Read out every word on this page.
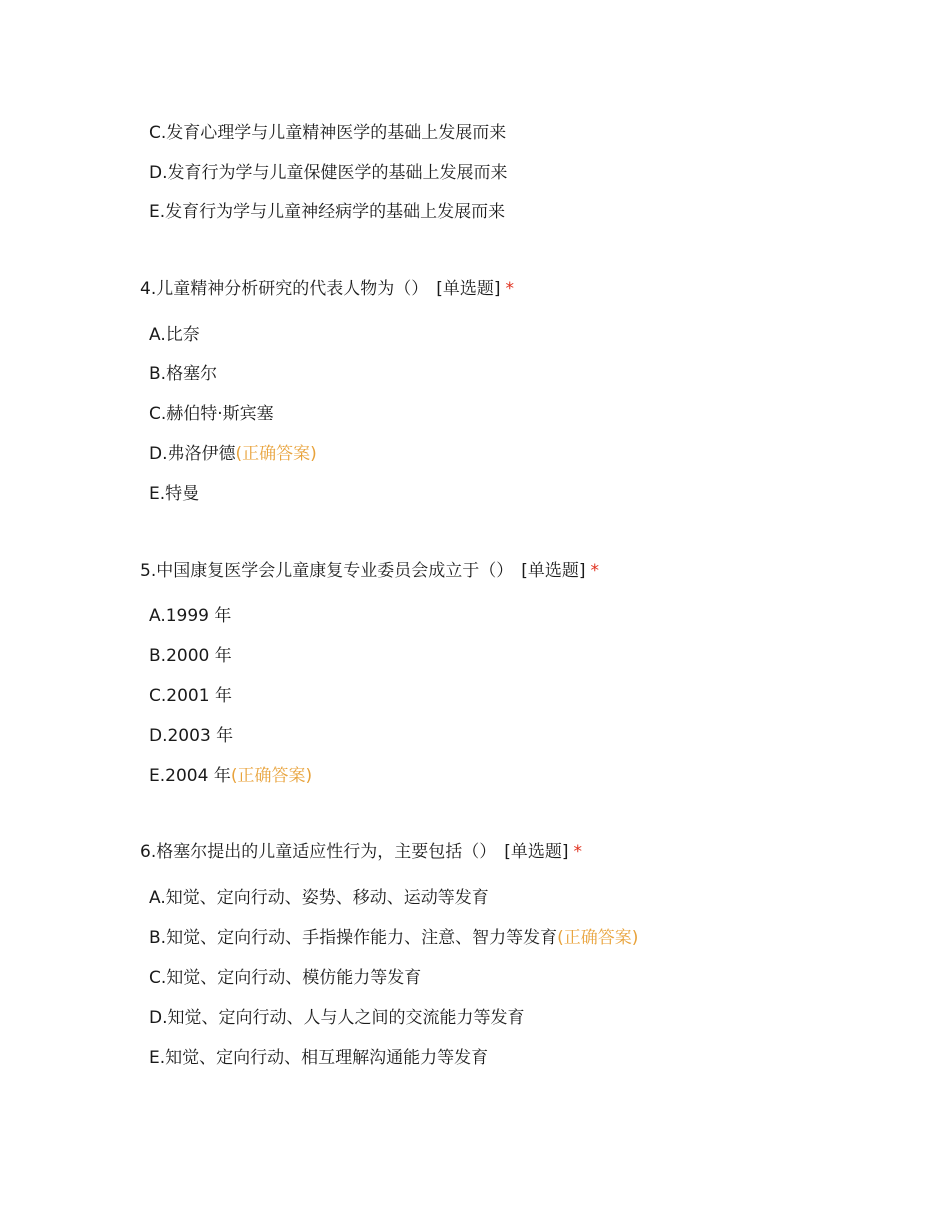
C.发育心理学与儿童精神医学的基础上发展而来
D.发育行为学与儿童保健医学的基础上发展而来
E.发育行为学与儿童神经病学的基础上发展而来
4.儿童精神分析研究的代表人物为（） [单选题] *
A.比奈
B.格塞尔
C.赫伯特·斯宾塞
D.弗洛伊德(正确答案)
E.特曼
5.中国康复医学会儿童康复专业委员会成立于（） [单选题] *
A.1999 年
B.2000 年
C.2001 年
D.2003 年
E.2004 年(正确答案)
6.格塞尔提出的儿童适应性行为，主要包括（） [单选题] *
A.知觉、定向行动、姿势、移动、运动等发育
B.知觉、定向行动、手指操作能力、注意、智力等发育(正确答案)
C.知觉、定向行动、模仿能力等发育
D.知觉、定向行动、人与人之间的交流能力等发育
E.知觉、定向行动、相互理解沟通能力等发育
